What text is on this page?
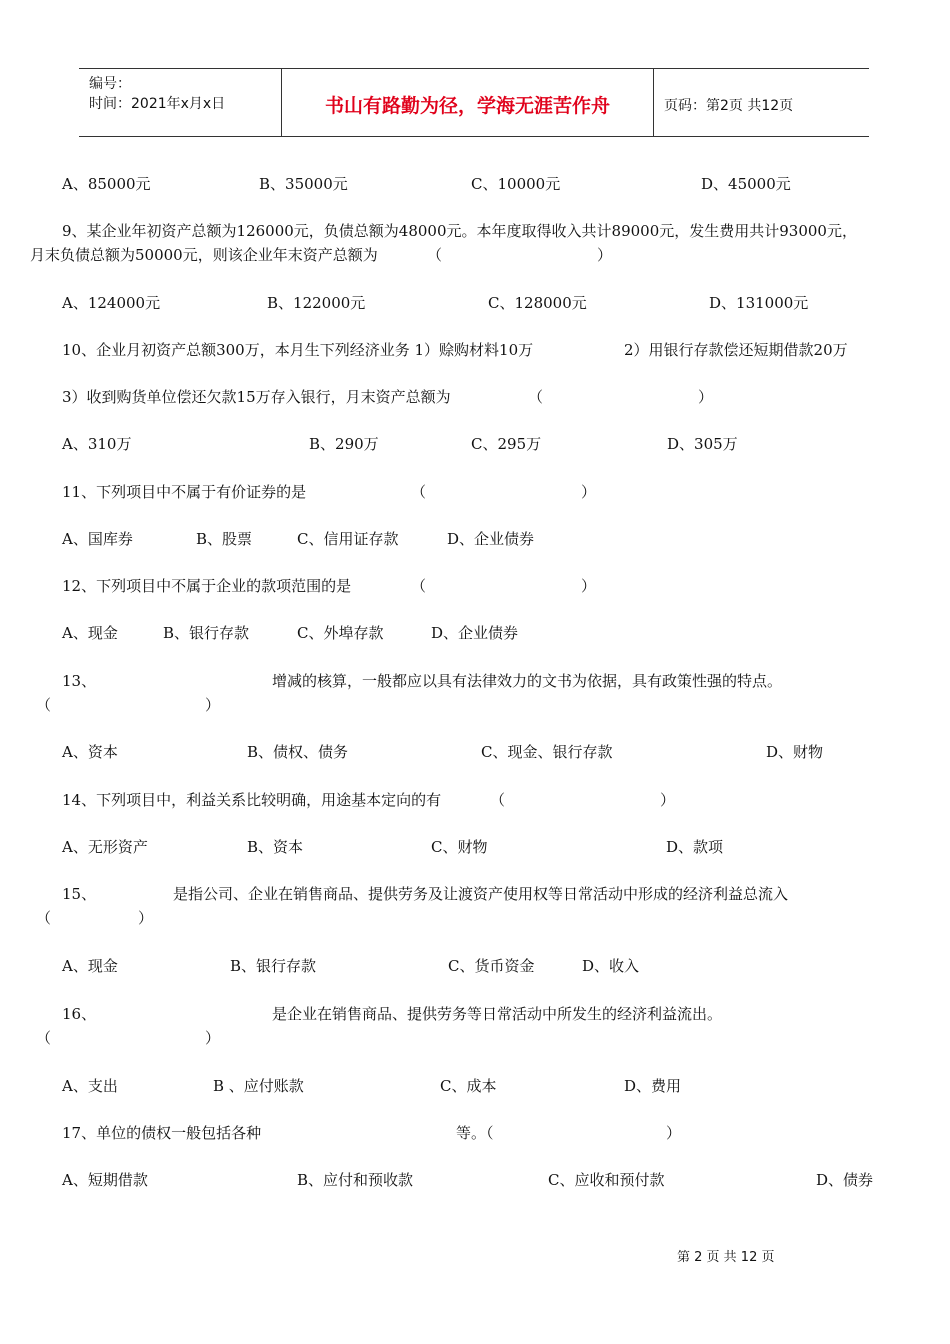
编号：
时间：2021年x月x日	书山有路勤为径，学海无涯苦作舟	页码：第2页 共12页
A、85000元	B、35000元	C、10000元	D、45000元
9、某企业年初资产总额为126000元，负债总额为48000元。本年度取得收入共计89000元，发生费用共计93000元，
月末负债总额为50000元，则该企业年末资产总额为	（	）
A、124000元	B、122000元	C、128000元	D、131000元
10、企业月初资产总额300万，本月生下列经济业务 1）赊购材料10万	2）用银行存款偿还短期借款20万
3）收到购货单位偿还欠款15万存入银行，月末资产总额为	（	）
A、310万	B、290万	C、295万	D、305万
11、下列项目中不属于有价证券的是	（	）
A、国库券	B、股票	C、信用证存款	D、企业债券
12、下列项目中不属于企业的款项范围的是	（	）
A、现金	B、银行存款	C、外埠存款	D、企业债券
13、	增减的核算，一般都应以具有法律效力的文书为依据，具有政策性强的特点。
（	）
A、资本	B、债权、债务	C、现金、银行存款	D、财物
14、下列项目中，利益关系比较明确，用途基本定向的有	（	）
A、无形资产	B、资本	C、财物	D、款项
15、	是指公司、企业在销售商品、提供劳务及让渡资产使用权等日常活动中形成的经济利益总流入
（	）
A、现金	B、银行存款	C、货币资金	D、收入
16、	是企业在销售商品、提供劳务等日常活动中所发生的经济利益流出。
（	）
A、支出	B 、应付账款	C、成本	D、费用
17、单位的债权一般包括各种	等。（	）
A、短期借款	B、应付和预收款	C、应收和预付款	D、债券
第 2 页 共 12 页
